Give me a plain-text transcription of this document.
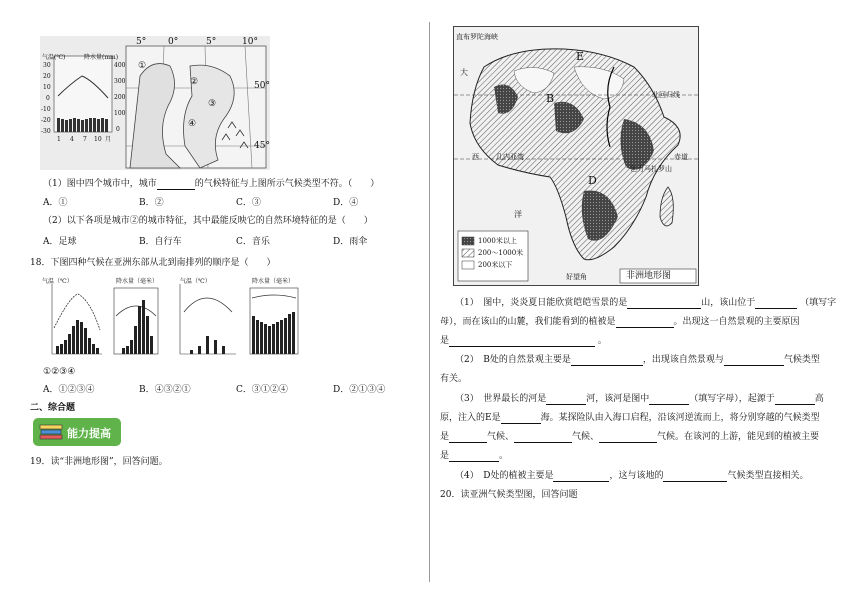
5° 0°	5°	10°
50°
45°
气温(℃)	降水量(mm)
30
20
10
0
-10
-20
-30
400
300
200
100
0
1 4 7 10 月
①
②
③
④
（1）图中四个城市中，城市	的气候特征与上图所示气候类型不符。（　　）
A．①	B．②	C．③	D．④
（2）以下各项是城市②的城市特征，其中最能反映它的自然环境特征的是（　　）
A．足球	B．自行车	C．音乐	D．雨伞
18．下图四种气候在亚洲东部从北到南排列的顺序是（　　）
气温（℃）	降水量（毫米）	气温（℃）	降水量（毫米）
①②③④
A．①②③④	B．④③②①	C．③①②④	D．②①③④
二、综合题
能力提高
19．读“非洲地形图”，回答问题。
直布罗陀海峡
E
B	北回归线
几内亚湾	赤道
西
大
D
洋
好望角
乞力马扎罗山
1000米以上
200～1000米
200米以下
非洲地形图
（1）　图中，炎炎夏日能欣赏皑皑雪景的是	山，该山位于	（填写字
母），而在该山的山麓，我们能看到的植被是	。出现这一自然景观的主要原因
是	。
（2）　B处的自然景观主要是	，出现该自然景观与	气候类型
有关。
（3）　世界最长的河是	河，该河是图中	（填写字母），起源于	高
原，注入的E是	海。某探险队由入海口启程，沿该河逆流而上，将分别穿越的气候类型
是	气候、	气候、	气候。在该河的上游，能见到的植被主要
是	。
（4）　D处的植被主要是	，这与该地的	气候类型直接相关。
20．读亚洲气候类型图，回答问题
